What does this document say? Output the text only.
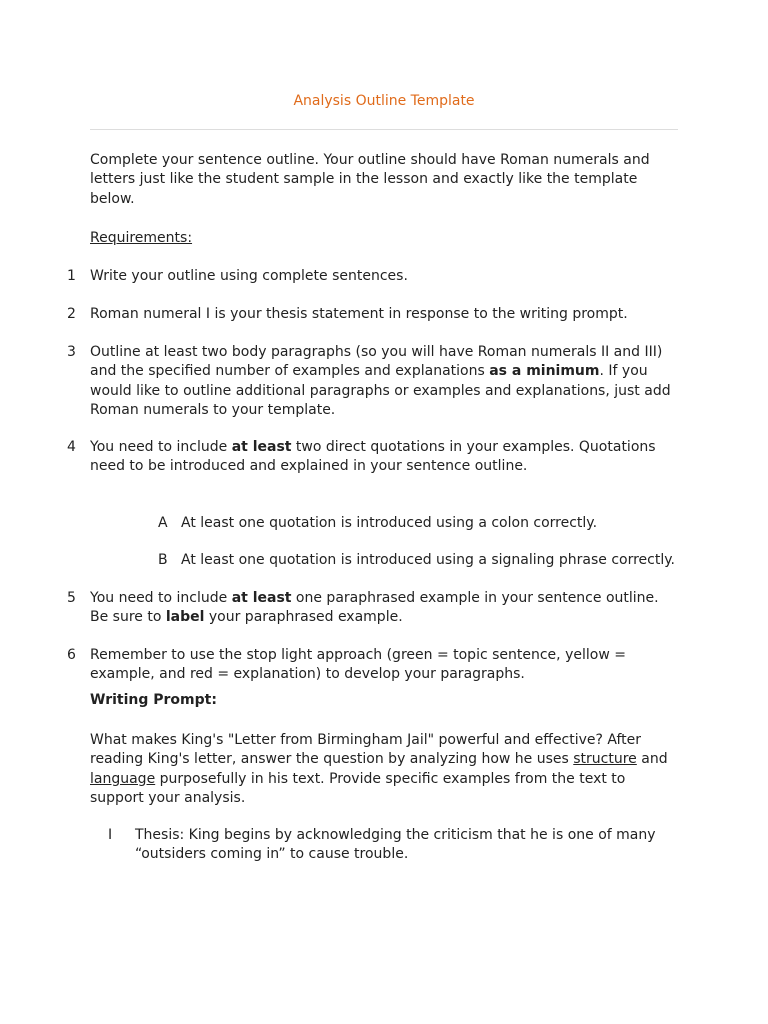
Analysis Outline Template
Complete your sentence outline. Your outline should have Roman numerals and letters just like the student sample in the lesson and exactly like the template below.
Requirements:
1	Write your outline using complete sentences.
2	Roman numeral I is your thesis statement in response to the writing prompt.
3	Outline at least two body paragraphs (so you will have Roman numerals II and III) and the specified number of examples and explanations as a minimum. If you would like to outline additional paragraphs or examples and explanations, just add Roman numerals to your template.
4	You need to include at least two direct quotations in your examples. Quotations need to be introduced and explained in your sentence outline.
A At least one quotation is introduced using a colon correctly.
B At least one quotation is introduced using a signaling phrase correctly.
5	You need to include at least one paraphrased example in your sentence outline. Be sure to label your paraphrased example.
6	Remember to use the stop light approach (green = topic sentence, yellow = example, and red = explanation) to develop your paragraphs.
Writing Prompt:
What makes King's "Letter from Birmingham Jail" powerful and effective? After reading King's letter, answer the question by analyzing how he uses structure and language purposefully in his text. Provide specific examples from the text to support your analysis.
I Thesis: King begins by acknowledging the criticism that he is one of many “outsiders coming in” to cause trouble.
